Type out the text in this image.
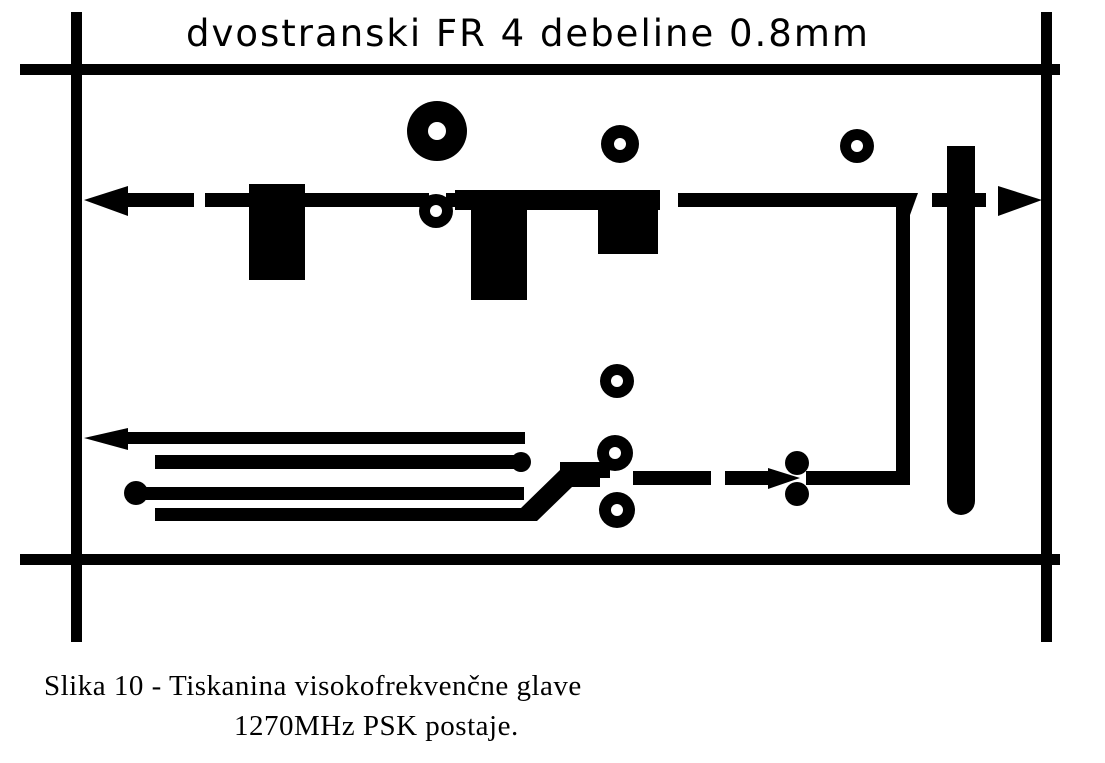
dvostranski FR 4 debeline 0.8mm
Slika 10 - Tiskanina visokofrekvenčne glave
1270MHz PSK postaje.
